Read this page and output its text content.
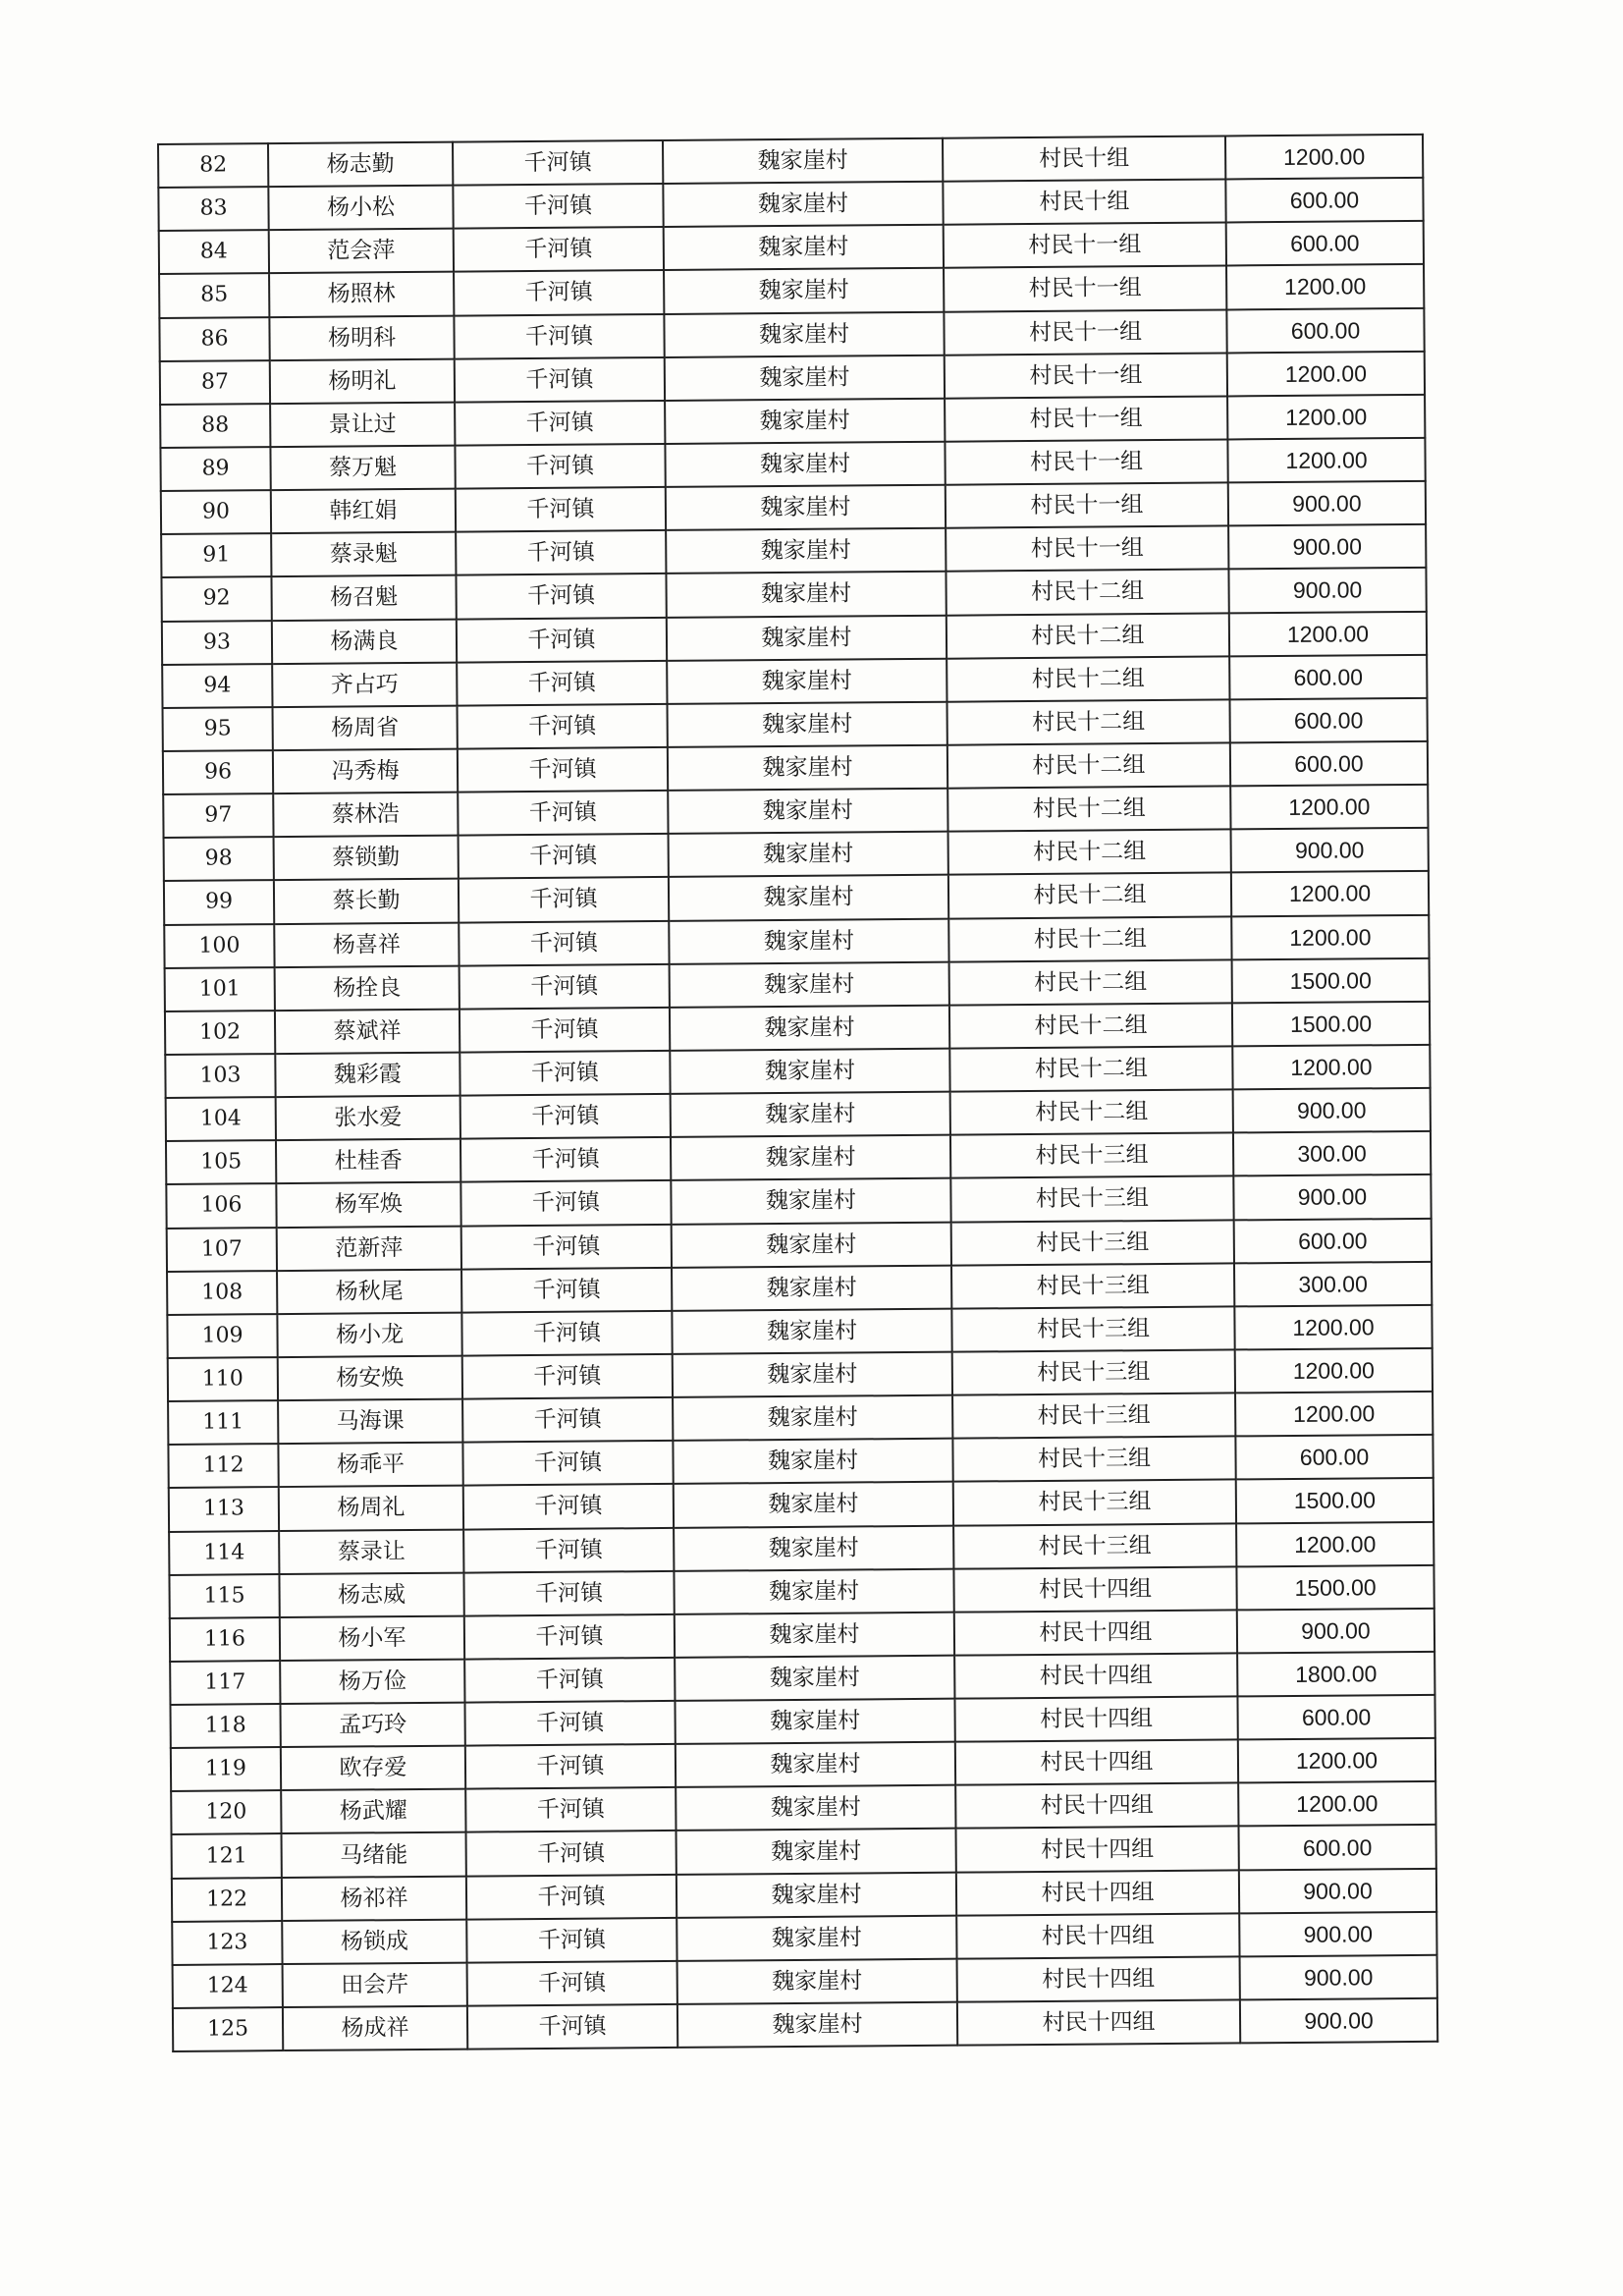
82	杨志勤	千河镇	魏家崖村	村民十组	1200.00
83	杨小松	千河镇	魏家崖村	村民十组	600.00
84	范会萍	千河镇	魏家崖村	村民十一组	600.00
85	杨照林	千河镇	魏家崖村	村民十一组	1200.00
86	杨明科	千河镇	魏家崖村	村民十一组	600.00
87	杨明礼	千河镇	魏家崖村	村民十一组	1200.00
88	景让过	千河镇	魏家崖村	村民十一组	1200.00
89	蔡万魁	千河镇	魏家崖村	村民十一组	1200.00
90	韩红娟	千河镇	魏家崖村	村民十一组	900.00
91	蔡录魁	千河镇	魏家崖村	村民十一组	900.00
92	杨召魁	千河镇	魏家崖村	村民十二组	900.00
93	杨满良	千河镇	魏家崖村	村民十二组	1200.00
94	齐占巧	千河镇	魏家崖村	村民十二组	600.00
95	杨周省	千河镇	魏家崖村	村民十二组	600.00
96	冯秀梅	千河镇	魏家崖村	村民十二组	600.00
97	蔡林浩	千河镇	魏家崖村	村民十二组	1200.00
98	蔡锁勤	千河镇	魏家崖村	村民十二组	900.00
99	蔡长勤	千河镇	魏家崖村	村民十二组	1200.00
100	杨喜祥	千河镇	魏家崖村	村民十二组	1200.00
101	杨拴良	千河镇	魏家崖村	村民十二组	1500.00
102	蔡斌祥	千河镇	魏家崖村	村民十二组	1500.00
103	魏彩霞	千河镇	魏家崖村	村民十二组	1200.00
104	张水爱	千河镇	魏家崖村	村民十二组	900.00
105	杜桂香	千河镇	魏家崖村	村民十三组	300.00
106	杨军焕	千河镇	魏家崖村	村民十三组	900.00
107	范新萍	千河镇	魏家崖村	村民十三组	600.00
108	杨秋尾	千河镇	魏家崖村	村民十三组	300.00
109	杨小龙	千河镇	魏家崖村	村民十三组	1200.00
110	杨安焕	千河镇	魏家崖村	村民十三组	1200.00
111	马海课	千河镇	魏家崖村	村民十三组	1200.00
112	杨乖平	千河镇	魏家崖村	村民十三组	600.00
113	杨周礼	千河镇	魏家崖村	村民十三组	1500.00
114	蔡录让	千河镇	魏家崖村	村民十三组	1200.00
115	杨志威	千河镇	魏家崖村	村民十四组	1500.00
116	杨小军	千河镇	魏家崖村	村民十四组	900.00
117	杨万俭	千河镇	魏家崖村	村民十四组	1800.00
118	孟巧玲	千河镇	魏家崖村	村民十四组	600.00
119	欧存爱	千河镇	魏家崖村	村民十四组	1200.00
120	杨武耀	千河镇	魏家崖村	村民十四组	1200.00
121	马绪能	千河镇	魏家崖村	村民十四组	600.00
122	杨祁祥	千河镇	魏家崖村	村民十四组	900.00
123	杨锁成	千河镇	魏家崖村	村民十四组	900.00
124	田会芹	千河镇	魏家崖村	村民十四组	900.00
125	杨成祥	千河镇	魏家崖村	村民十四组	900.00
